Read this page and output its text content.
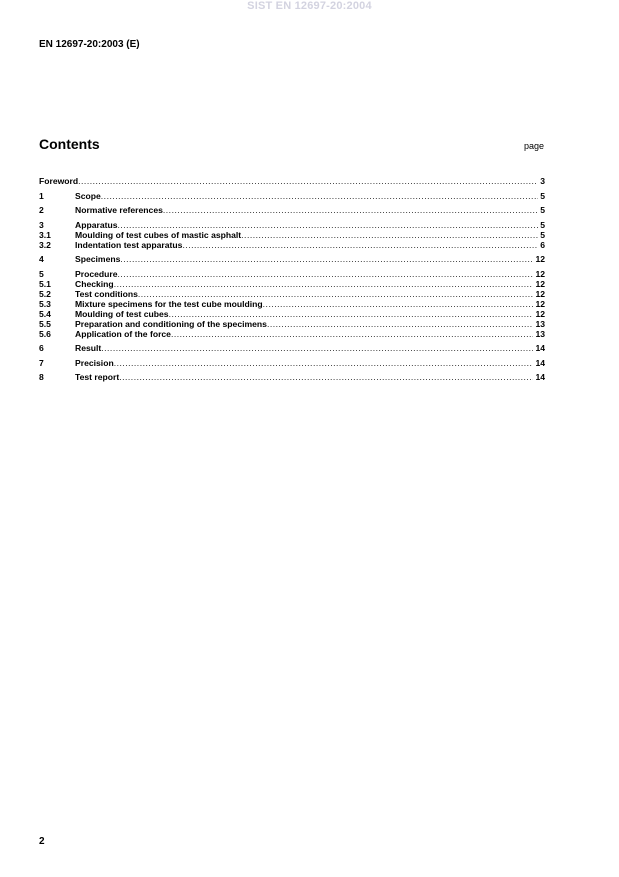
SIST EN 12697-20:2004
EN 12697-20:2003 (E)
Contents	page
Foreword .....	3
1	Scope .....	5
2	Normative references .....	5
3	Apparatus .....	5
3.1	Moulding of test cubes of mastic asphalt .....	5
3.2	Indentation test apparatus .....	6
4	Specimens .....	12
5	Procedure .....	12
5.1	Checking .....	12
5.2	Test conditions .....	12
5.3	Mixture specimens for the test cube moulding .....	12
5.4	Moulding of test cubes .....	12
5.5	Preparation and conditioning of the specimens .....	13
5.6	Application of the force .....	13
6	Result .....	14
7	Precision .....	14
8	Test report .....	14
2
